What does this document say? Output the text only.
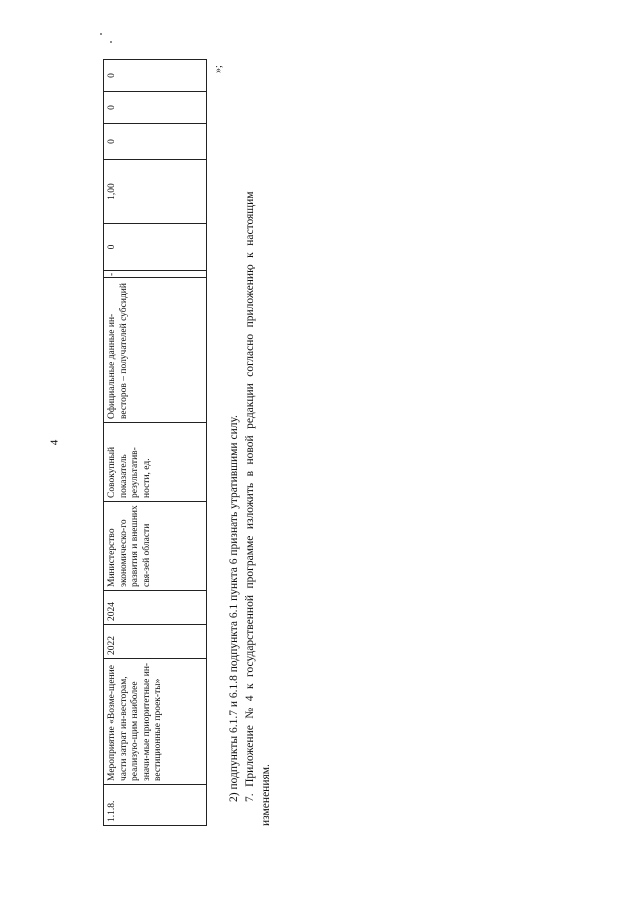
4
»;
1.1.8.	Мероприятие «Возме-щение части затрат ин-весторам, реализую-щим наиболее значи-мые приоритетные ин-вестиционные проек-ты»	2022	2024	Министерство экономическо-го развития и внешних свя-зей области	Совокупный показатель результатив-ности, ед.	Официальные данные ин-весторов – получателей субсидий	-	0	1,00	0	0	0
2) подпункты 6.1.7 и 6.1.8 подпункта 6.1 пункта 6 признать утратившими силу. 7. Приложение № 4 к государственной программе изложить в новой редакции согласно приложению к настоящим изменениям.
